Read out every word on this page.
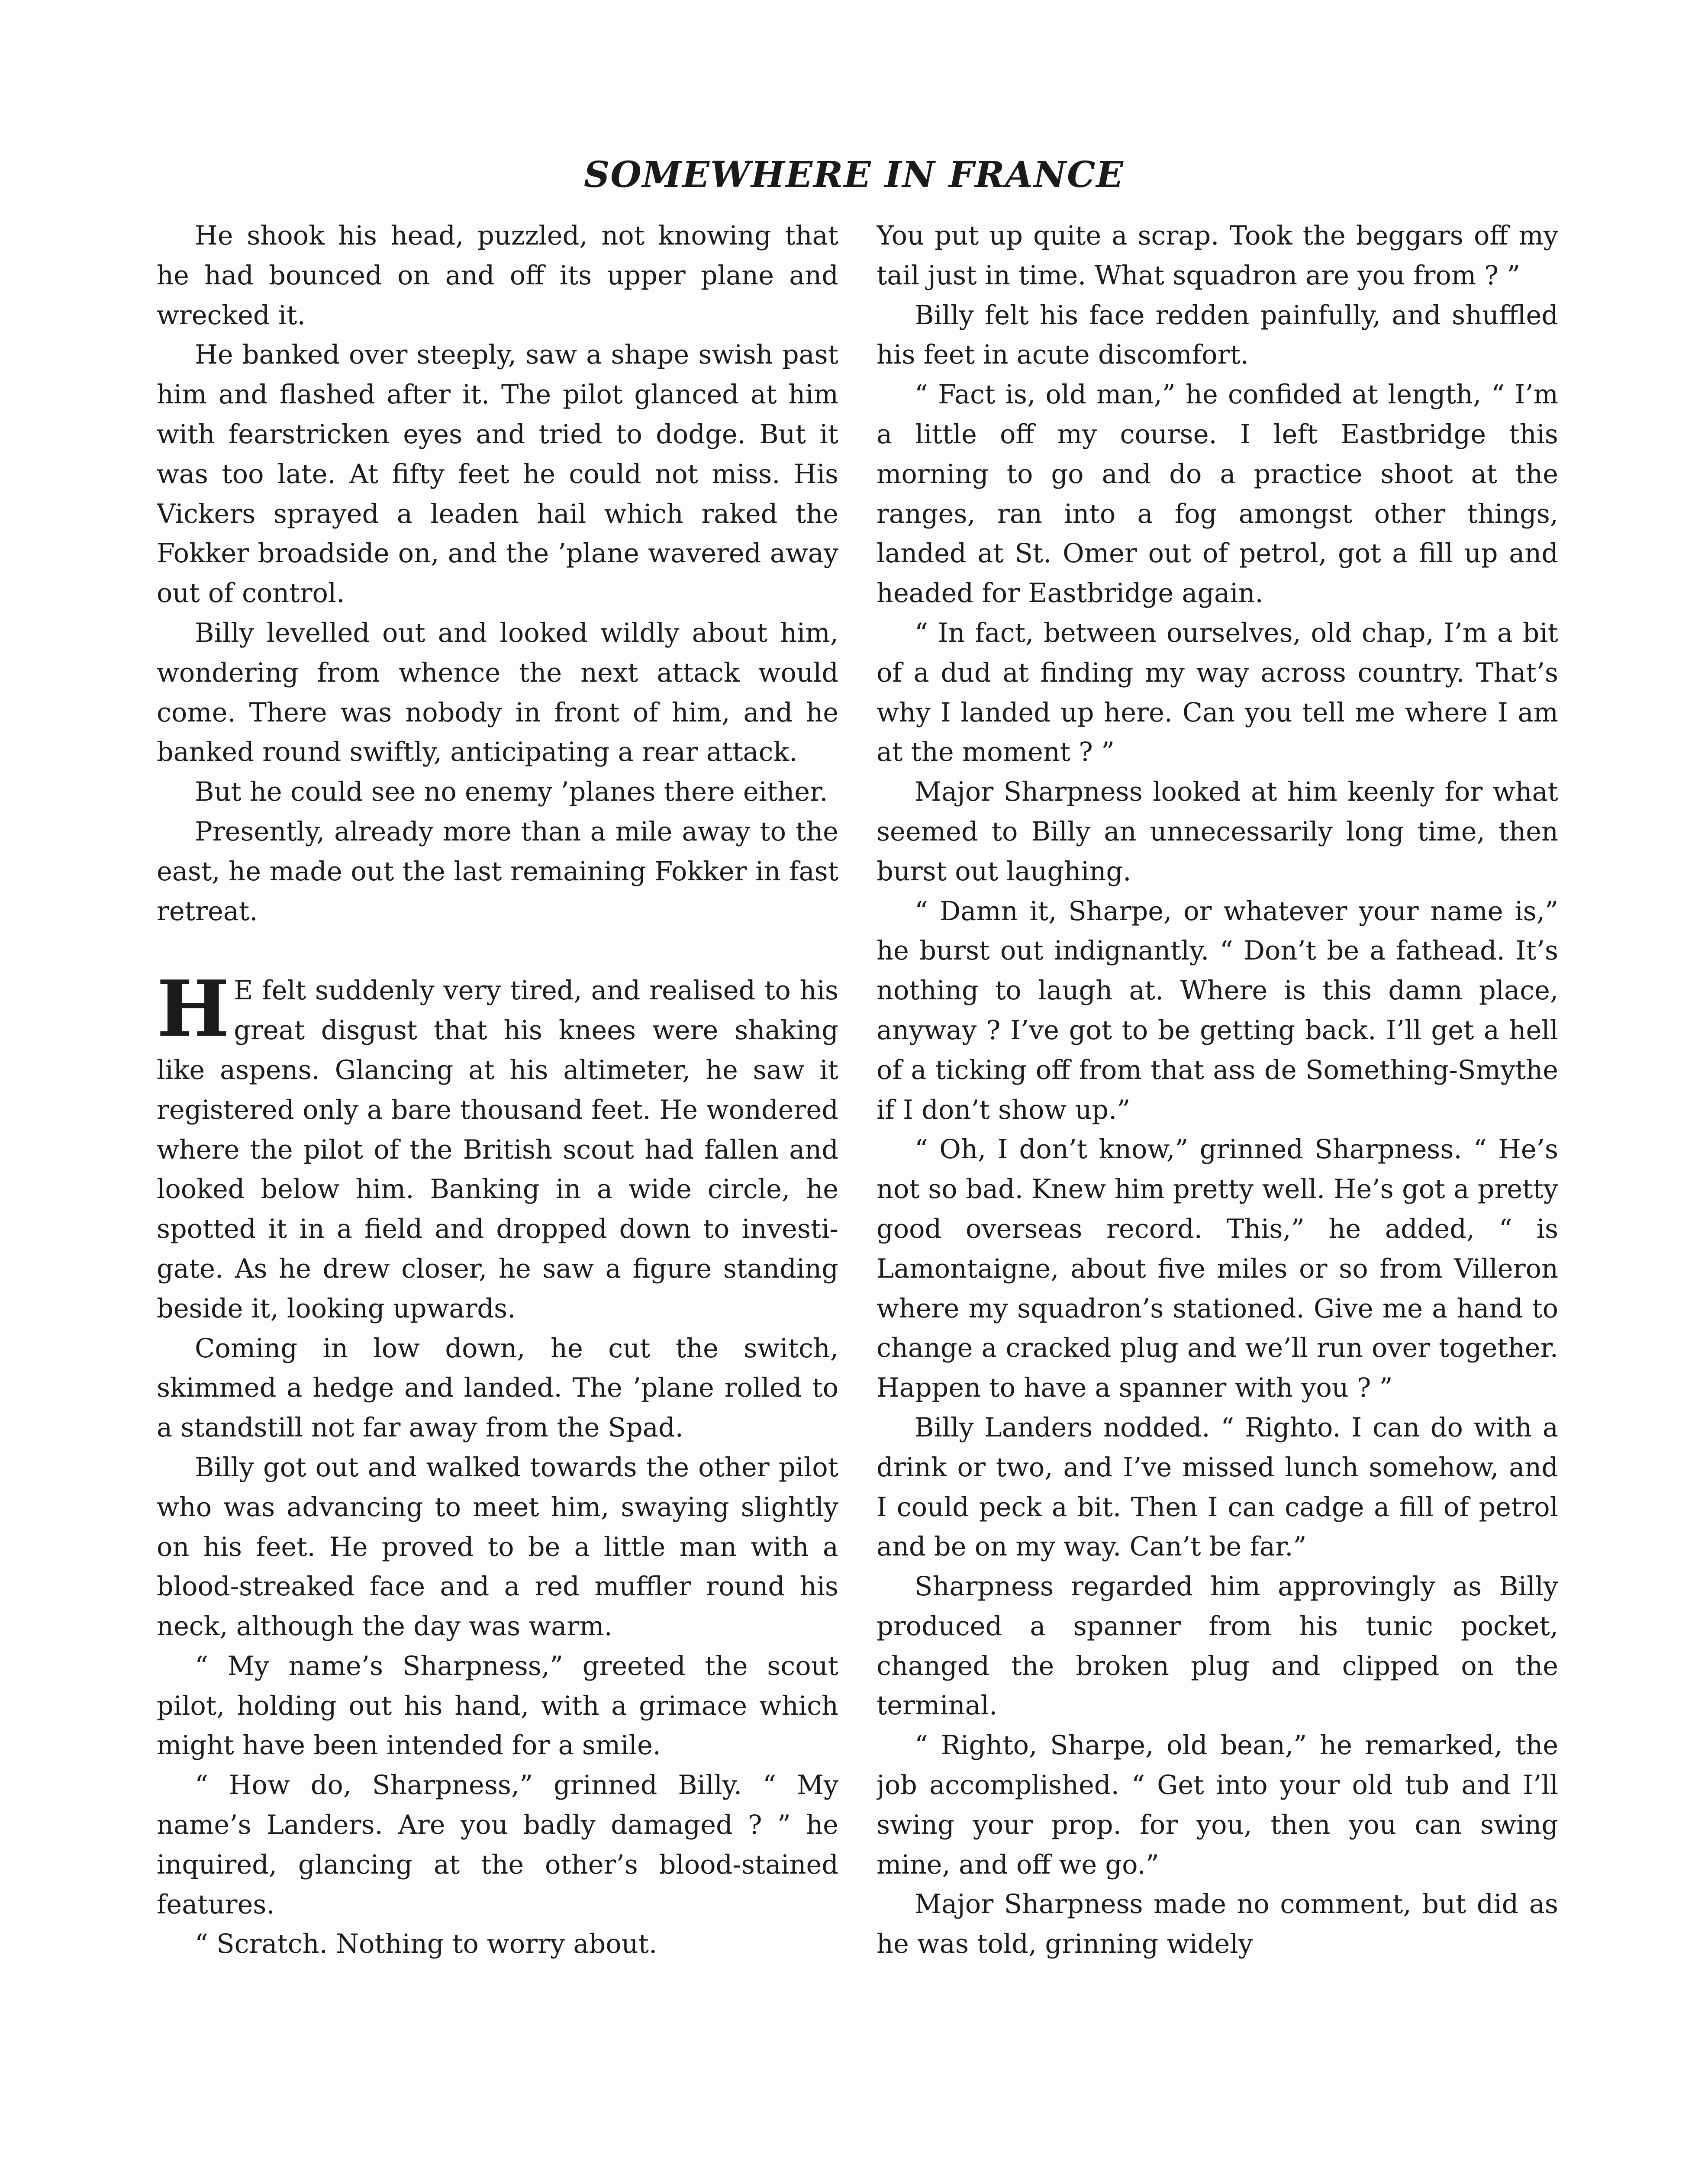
SOMEWHERE IN FRANCE

He shook his head, puzzled, not knowing that he had bounced on and off its upper plane and wrecked it.

He banked over steeply, saw a shape swish past him and flashed after it. The pilot glanced at him with fearstricken eyes and tried to dodge. But it was too late. At fifty feet he could not miss. His Vickers sprayed a leaden hail which raked the Fokker broadside on, and the ’plane wavered away out of control.

Billy levelled out and looked wildly about him, wondering from whence the next attack would come. There was nobody in front of him, and he banked round swiftly, anticipating a rear attack.

But he could see no enemy ’planes there either.

Presently, already more than a mile away to the east, he made out the last remaining Fokker in fast retreat.

H E felt suddenly very tired, and realised to his great disgust that his knees were shaking like aspens. Glancing at his altimeter, he saw it registered only a bare thousand feet. He wondered where the pilot of the British scout had fallen and looked below him. Banking in a wide circle, he spotted it in a field and dropped down to investigate. As he drew closer, he saw a figure standing beside it, looking upwards.

Coming in low down, he cut the switch, skimmed a hedge and landed. The ’plane rolled to a standstill not far away from the Spad.

Billy got out and walked towards the other pilot who was advancing to meet him, swaying slightly on his feet. He proved to be a little man with a blood-streaked face and a red muffler round his neck, although the day was warm.

“ My name’s Sharpness,” greeted the scout pilot, holding out his hand, with a grimace which might have been intended for a smile.

“ How do, Sharpness,” grinned Billy. “ My name’s Landers. Are you badly damaged ? ” he inquired, glancing at the other’s blood-stained features.

“ Scratch. Nothing to worry about.

You put up quite a scrap. Took the beggars off my tail just in time. What squadron are you from ? ”

Billy felt his face redden painfully, and shuffled his feet in acute discomfort.

“ Fact is, old man,” he confided at length, “ I’m a little off my course. I left Eastbridge this morning to go and do a practice shoot at the ranges, ran into a fog amongst other things, landed at St. Omer out of petrol, got a fill up and headed for Eastbridge again.

“ In fact, between ourselves, old chap, I’m a bit of a dud at finding my way across country. That’s why I landed up here. Can you tell me where I am at the moment ? ”

Major Sharpness looked at him keenly for what seemed to Billy an unnecessarily long time, then burst out laughing.

“ Damn it, Sharpe, or whatever your name is,” he burst out indignantly. “ Don’t be a fathead. It’s nothing to laugh at. Where is this damn place, anyway ? I’ve got to be getting back. I’ll get a hell of a ticking off from that ass de Something-Smythe if I don’t show up.”

“ Oh, I don’t know,” grinned Sharpness. “ He’s not so bad. Knew him pretty well. He’s got a pretty good overseas record. This,” he added, “ is Lamontaigne, about five miles or so from Villeron where my squadron’s stationed. Give me a hand to change a cracked plug and we’ll run over together. Happen to have a spanner with you ? ”

Billy Landers nodded. “ Righto. I can do with a drink or two, and I’ve missed lunch somehow, and I could peck a bit. Then I can cadge a fill of petrol and be on my way. Can’t be far.”

Sharpness regarded him approvingly as Billy produced a spanner from his tunic pocket, changed the broken plug and clipped on the terminal.

“ Righto, Sharpe, old bean,” he remarked, the job accomplished. “ Get into your old tub and I’ll swing your prop. for you, then you can swing mine, and off we go.”

Major Sharpness made no comment, but did as he was told, grinning widely
